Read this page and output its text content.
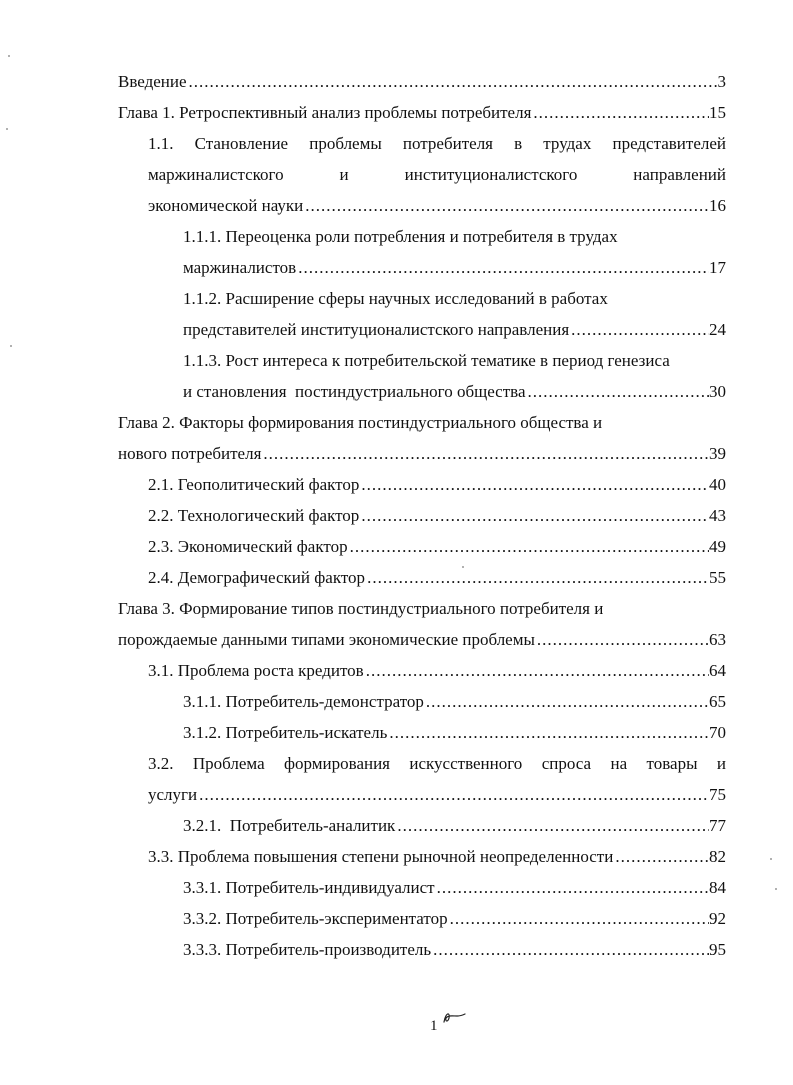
Введение .....	3
Глава 1. Ретроспективный анализ проблемы потребителя .....	15
1.1. Становление проблемы потребителя в трудах представителей
маржиналистского и институционалистского направлений
экономической науки .....	16
1.1.1. Переоценка роли потребления и потребителя в трудах
маржиналистов .....	17
1.1.2. Расширение сферы научных исследований в работах
представителей институционалистского направления .....	24
1.1.3. Рост интереса к потребительской тематике в период генезиса
и становления  постиндустриального общества .....	30
Глава 2. Факторы формирования постиндустриального общества и
нового потребителя .....	39
2.1. Геополитический фактор .....	40
2.2. Технологический фактор .....	43
2.3. Экономический фактор .....	49
2.4. Демографический фактор .....	55
Глава 3. Формирование типов постиндустриального потребителя и
порождаемые данными типами экономические проблемы .....	63
3.1. Проблема роста кредитов .....	64
3.1.1. Потребитель-демонстратор .....	65
3.1.2. Потребитель-искатель .....	70
3.2. Проблема формирования искусственного спроса на товары и
услуги .....	75
3.2.1.  Потребитель-аналитик .....	77
3.3. Проблема повышения степени рыночной неопределенности .....	82
3.3.1. Потребитель-индивидуалист .....	84
3.3.2. Потребитель-экспериментатор .....	92
3.3.3. Потребитель-производитель .....	95
1
